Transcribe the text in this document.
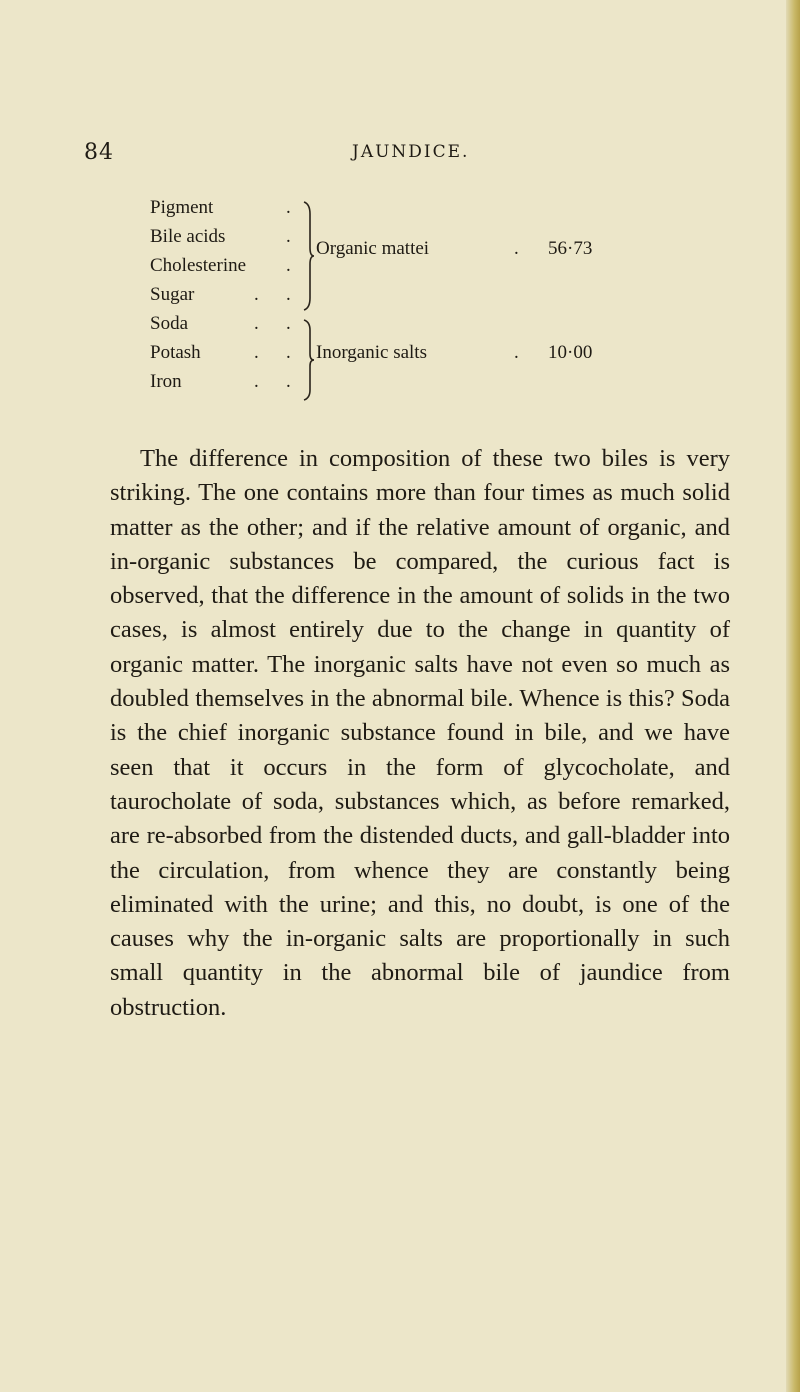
84	JAUNDICE.
Pigment	.
Bile acids	.
Cholesterine .
Sugar	. .
Organic mattei	. 56·73
Soda	. .
Potash	. .
Iron	. .
Inorganic salts	. 10·00

The difference in composition of these two biles is very striking. The one contains more than four times as much solid matter as the other; and if the relative amount of organic, and in-organic substances be compared, the curious fact is observed, that the difference in the amount of solids in the two cases, is almost entirely due to the change in quantity of organic matter. The inorganic salts have not even so much as doubled themselves in the abnormal bile. Whence is this? Soda is the chief inorganic substance found in bile, and we have seen that it occurs in the form of glycocholate, and taurocholate of soda, substances which, as before remarked, are re-absorbed from the distended ducts, and gall-bladder into the circulation, from whence they are constantly being eliminated with the urine; and this, no doubt, is one of the causes why the in-organic salts are proportionally in such small quantity in the abnormal bile of jaundice from obstruction.
